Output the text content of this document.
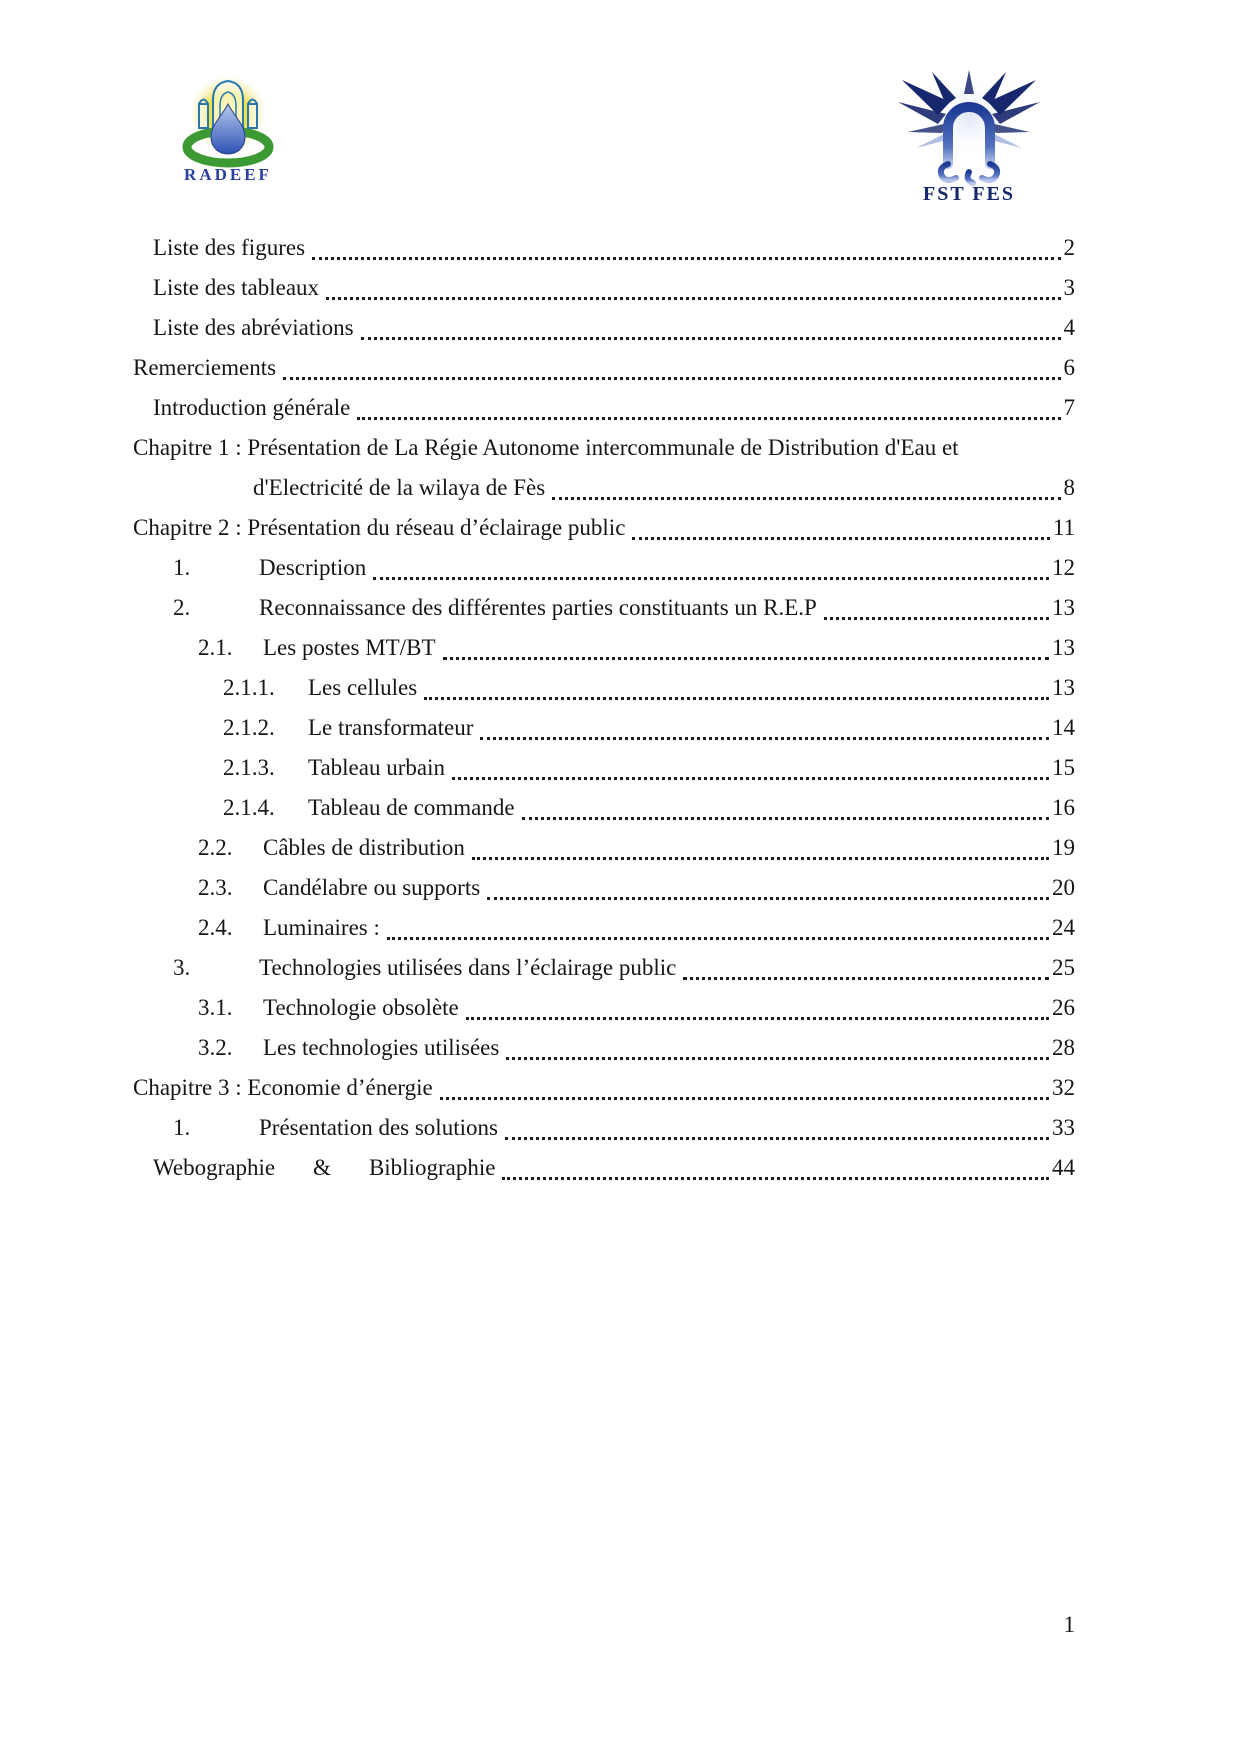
RADEEF
FST FES
Liste des figures	2
Liste des tableaux	3
Liste des abréviations	4
Remerciements	6
Introduction générale	7
Chapitre 1 : Présentation de La Régie Autonome intercommunale de Distribution d'Eau et
d'Electricité de la wilaya de Fès	8
Chapitre 2 : Présentation du réseau d’éclairage public	11
1.	Description	12
2.	Reconnaissance des différentes parties constituants un R.E.P	13
2.1.	Les postes MT/BT	13
2.1.1.	Les cellules	13
2.1.2.	Le transformateur	14
2.1.3.	Tableau urbain	15
2.1.4.	Tableau de commande	16
2.2.	Câbles de distribution	19
2.3.	Candélabre ou supports	20
2.4.	Luminaires :	24
3.	Technologies utilisées dans l’éclairage public	25
3.1.	Technologie obsolète	26
3.2.	Les technologies utilisées	28
Chapitre 3 : Economie d’énergie	32
1.	Présentation des solutions	33
Webographie & Bibliographie	44
1
